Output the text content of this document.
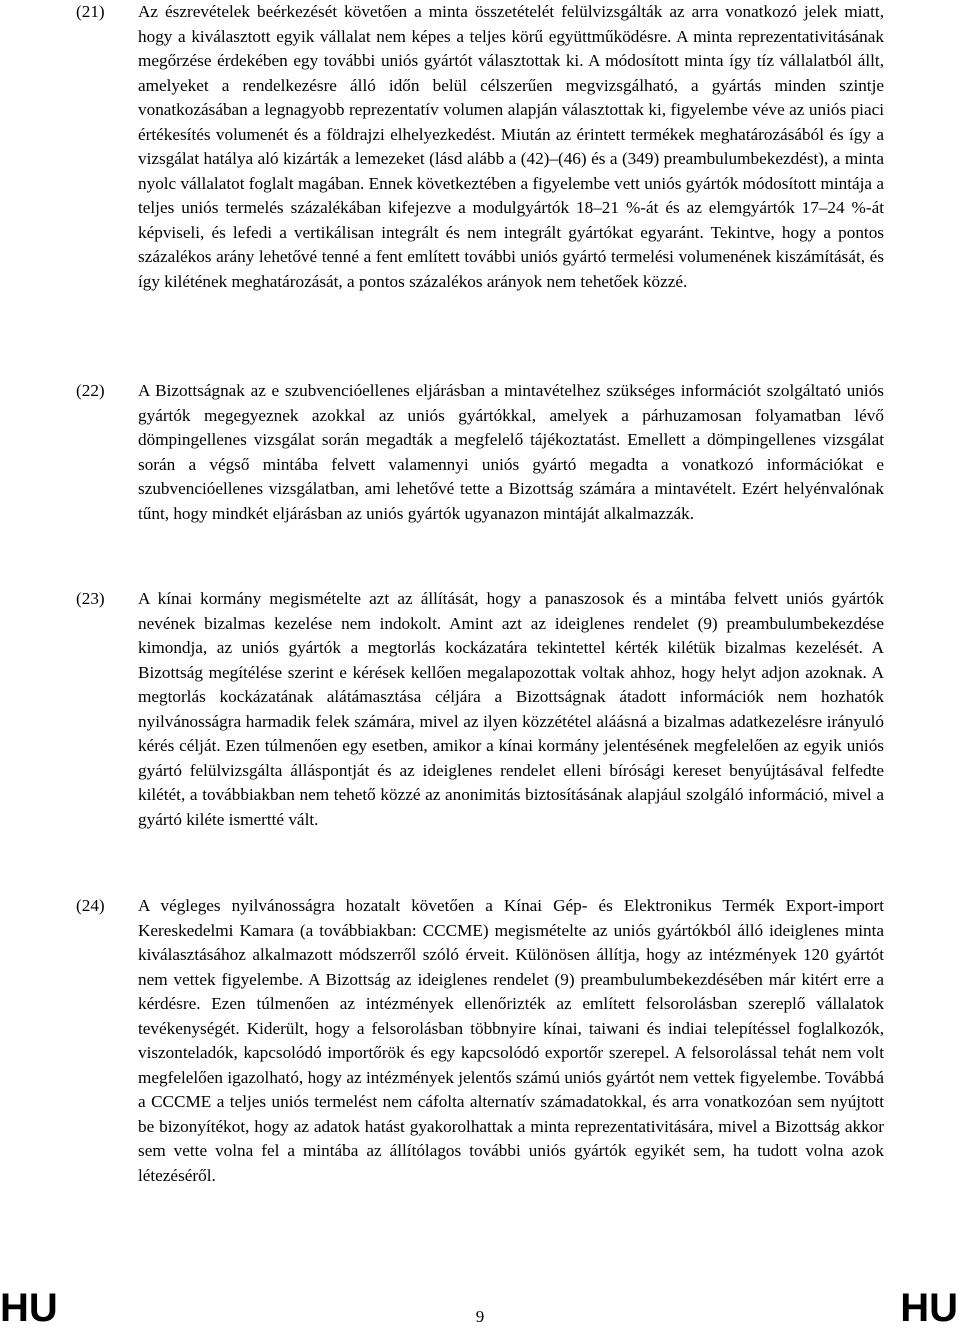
(21)	Az észrevételek beérkezését követően a minta összetételét felülvizsgálták az arra vonatkozó jelek miatt, hogy a kiválasztott egyik vállalat nem képes a teljes körű együttműködésre. A minta reprezentativitásának megőrzése érdekében egy további uniós gyártót választottak ki. A módosított minta így tíz vállalatból állt, amelyeket a rendelkezésre álló időn belül célszerűen megvizsgálható, a gyártás minden szintje vonatkozásában a legnagyobb reprezentatív volumen alapján választottak ki, figyelembe véve az uniós piaci értékesítés volumenét és a földrajzi elhelyezkedést. Miután az érintett termékek meghatározásából és így a vizsgálat hatálya aló kizárták a lemezeket (lásd alább a (42)–(46) és a (349) preambulumbekezdést), a minta nyolc vállalatot foglalt magában. Ennek következtében a figyelembe vett uniós gyártók módosított mintája a teljes uniós termelés százalékában kifejezve a modulgyártók 18–21 %-át és az elemgyártók 17–24 %-át képviseli, és lefedi a vertikálisan integrált és nem integrált gyártókat egyaránt. Tekintve, hogy a pontos százalékos arány lehetővé tenné a fent említett további uniós gyártó termelési volumenének kiszámítását, és így kilétének meghatározását, a pontos százalékos arányok nem tehetőek közzé.

(22)	A Bizottságnak az e szubvencióellenes eljárásban a mintavételhez szükséges információt szolgáltató uniós gyártók megegyeznek azokkal az uniós gyártókkal, amelyek a párhuzamosan folyamatban lévő dömpingellenes vizsgálat során megadták a megfelelő tájékoztatást. Emellett a dömpingellenes vizsgálat során a végső mintába felvett valamennyi uniós gyártó megadta a vonatkozó információkat e szubvencióellenes vizsgálatban, ami lehetővé tette a Bizottság számára a mintavételt. Ezért helyénvalónak tűnt, hogy mindkét eljárásban az uniós gyártók ugyanazon mintáját alkalmazzák.

(23)	A kínai kormány megismételte azt az állítását, hogy a panaszosok és a mintába felvett uniós gyártók nevének bizalmas kezelése nem indokolt. Amint azt az ideiglenes rendelet (9) preambulumbekezdése kimondja, az uniós gyártók a megtorlás kockázatára tekintettel kérték kilétük bizalmas kezelését. A Bizottság megítélése szerint e kérések kellően megalapozottak voltak ahhoz, hogy helyt adjon azoknak. A megtorlás kockázatának alátámasztása céljára a Bizottságnak átadott információk nem hozhatók nyilvánosságra harmadik felek számára, mivel az ilyen közzététel aláásná a bizalmas adatkezelésre irányuló kérés célját. Ezen túlmenően egy esetben, amikor a kínai kormány jelentésének megfelelően az egyik uniós gyártó felülvizsgálta álláspontját és az ideiglenes rendelet elleni bírósági kereset benyújtásával felfedte kilétét, a továbbiakban nem tehető közzé az anonimitás biztosításának alapjául szolgáló információ, mivel a gyártó kiléte ismertté vált.

(24)	A végleges nyilvánosságra hozatalt követően a Kínai Gép- és Elektronikus Termék Export-import Kereskedelmi Kamara (a továbbiakban: CCCME) megismételte az uniós gyártókból álló ideiglenes minta kiválasztásához alkalmazott módszerről szóló érveit. Különösen állítja, hogy az intézmények 120 gyártót nem vettek figyelembe. A Bizottság az ideiglenes rendelet (9) preambulumbekezdésében már kitért erre a kérdésre. Ezen túlmenően az intézmények ellenőrizték az említett felsorolásban szereplő vállalatok tevékenységét. Kiderült, hogy a felsorolásban többnyire kínai, taiwani és indiai telepítéssel foglalkozók, viszonteladók, kapcsolódó importőrök és egy kapcsolódó exportőr szerepel. A felsorolással tehát nem volt megfelelően igazolható, hogy az intézmények jelentős számú uniós gyártót nem vettek figyelembe. Továbbá a CCCME a teljes uniós termelést nem cáfolta alternatív számadatokkal, és arra vonatkozóan sem nyújtott be bizonyítékot, hogy az adatok hatást gyakorolhattak a minta reprezentativitására, mivel a Bizottság akkor sem vette volna fel a mintába az állítólagos további uniós gyártók egyikét sem, ha tudott volna azok létezéséről.

HU	9	HU
